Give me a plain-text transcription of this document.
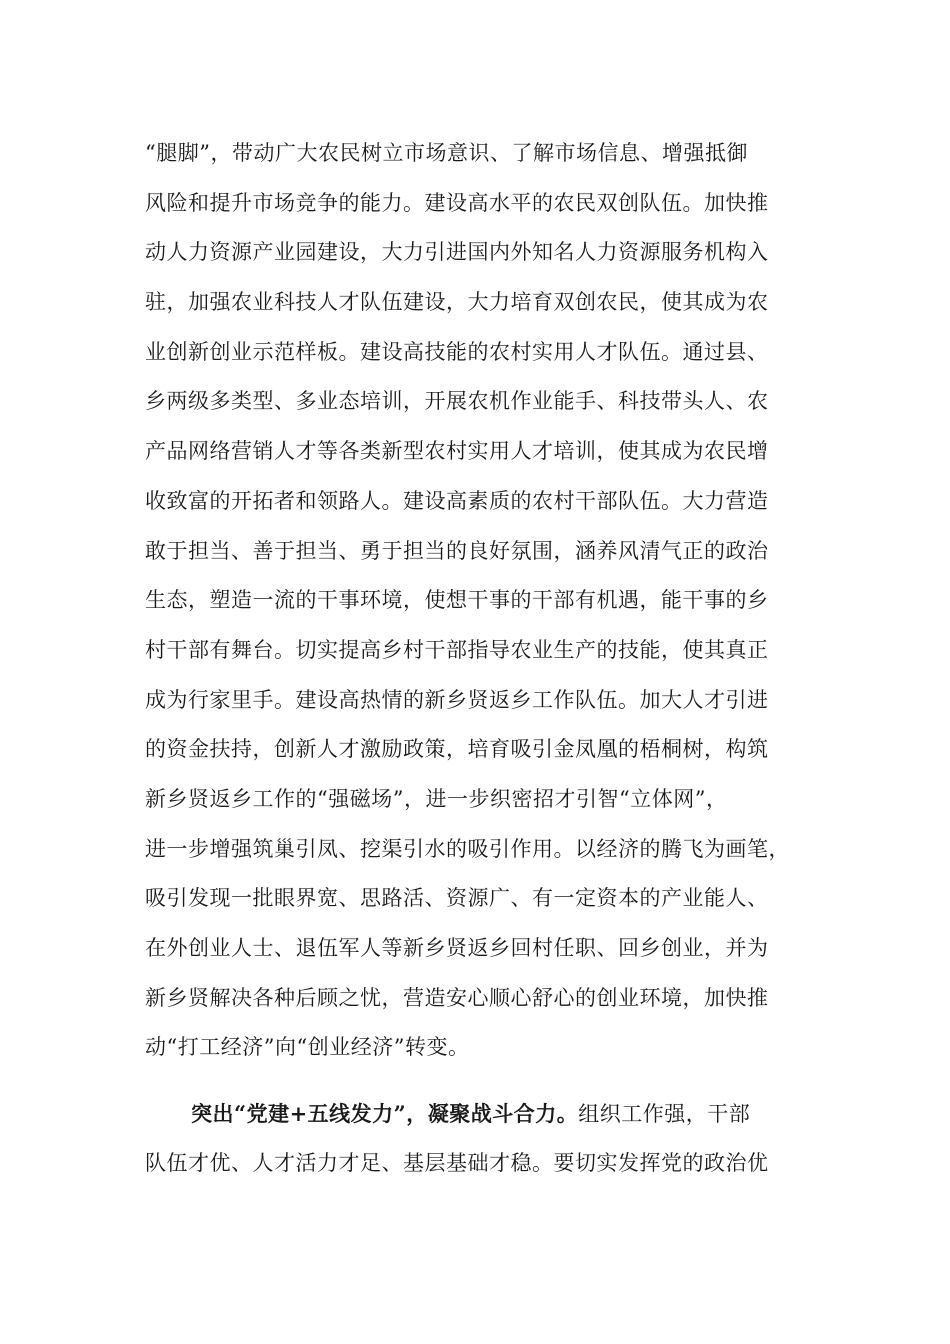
“腿脚”，带动广大农民树立市场意识、了解市场信息、增强抵御
风险和提升市场竞争的能力。建设高水平的农民双创队伍。加快推
动人力资源产业园建设，大力引进国内外知名人力资源服务机构入
驻，加强农业科技人才队伍建设，大力培育双创农民，使其成为农
业创新创业示范样板。建设高技能的农村实用人才队伍。通过县、
乡两级多类型、多业态培训，开展农机作业能手、科技带头人、农
产品网络营销人才等各类新型农村实用人才培训，使其成为农民增
收致富的开拓者和领路人。建设高素质的农村干部队伍。大力营造
敢于担当、善于担当、勇于担当的良好氛围，涵养风清气正的政治
生态，塑造一流的干事环境，使想干事的干部有机遇，能干事的乡
村干部有舞台。切实提高乡村干部指导农业生产的技能，使其真正
成为行家里手。建设高热情的新乡贤返乡工作队伍。加大人才引进
的资金扶持，创新人才激励政策，培育吸引金凤凰的梧桐树，构筑
新乡贤返乡工作的“强磁场”，进一步织密招才引智“立体网”，
进一步增强筑巢引凤、挖渠引水的吸引作用。以经济的腾飞为画笔，
吸引发现一批眼界宽、思路活、资源广、有一定资本的产业能人、
在外创业人士、退伍军人等新乡贤返乡回村任职、回乡创业，并为
新乡贤解决各种后顾之忧，营造安心顺心舒心的创业环境，加快推
动“打工经济”向“创业经济”转变。
突出“党建+五线发力”，凝聚战斗合力。组织工作强，干部
队伍才优、人才活力才足、基层基础才稳。要切实发挥党的政治优
